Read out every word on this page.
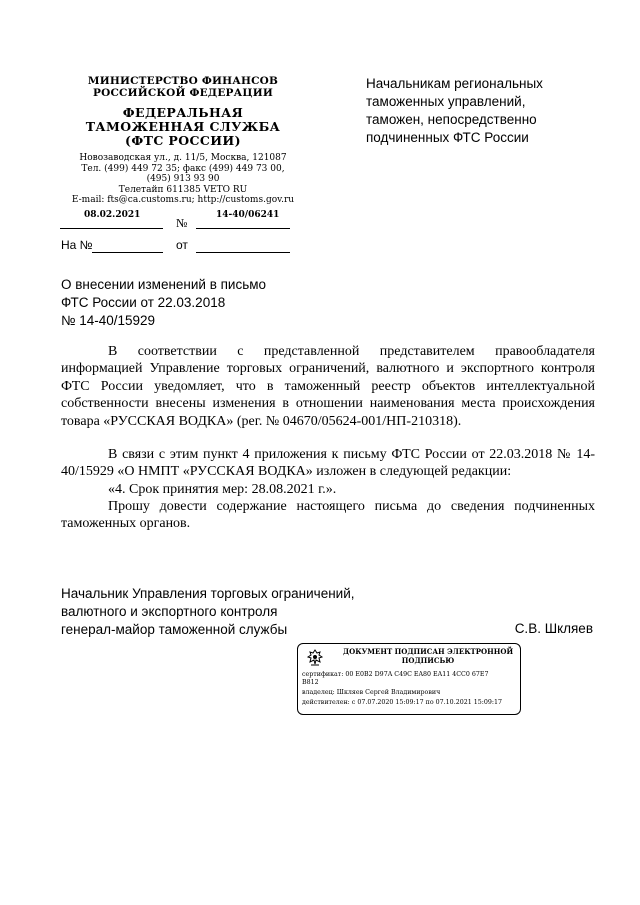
МИНИСТЕРСТВО ФИНАНСОВ
РОССИЙСКОЙ ФЕДЕРАЦИИ
ФЕДЕРАЛЬНАЯ
ТАМОЖЕННАЯ СЛУЖБА
(ФТС РОССИИ)
Новозаводская ул., д. 11/5, Москва, 121087
Тел. (499) 449 72 35; факс (499) 449 73 00,
(495) 913 93 90
Телетайп 611385 VETO RU
E-mail: fts@ca.customs.ru; http://customs.gov.ru
08.02.2021
№
14-40/06241
На №	от
Начальникам региональных
таможенных управлений,
таможен, непосредственно
подчиненных ФТС России
О внесении изменений в письмо
ФТС России от 22.03.2018
№ 14-40/15929
В соответствии с представленной представителем правообладателя информацией Управление торговых ограничений, валютного и экспортного контроля ФТС России уведомляет, что в таможенный реестр объектов интеллектуальной собственности внесены изменения в отношении наименования места происхождения товара «РУССКАЯ ВОДКА» (рег. № 04670/05624-001/НП-210318).
В связи с этим пункт 4 приложения к письму ФТС России от 22.03.2018 № 14-40/15929 «О НМПТ «РУССКАЯ ВОДКА» изложен в следующей редакции:
«4. Срок принятия мер: 28.08.2021 г.».
Прошу довести содержание настоящего письма до сведения подчиненных таможенных органов.
Начальник Управления торговых ограничений,
валютного и экспортного контроля
генерал-майор таможенной службы	С.В. Шкляев
ДОКУМЕНТ ПОДПИСАН ЭЛЕКТРОННОЙ
ПОДПИСЬЮ
сертификат: 00 E0B2 D97A C49C EA80 EA11 4CC0 67E7
B812
владелец: Шкляев Сергей Владимирович
действителен: с 07.07.2020 15:09:17 по 07.10.2021 15:09:17
